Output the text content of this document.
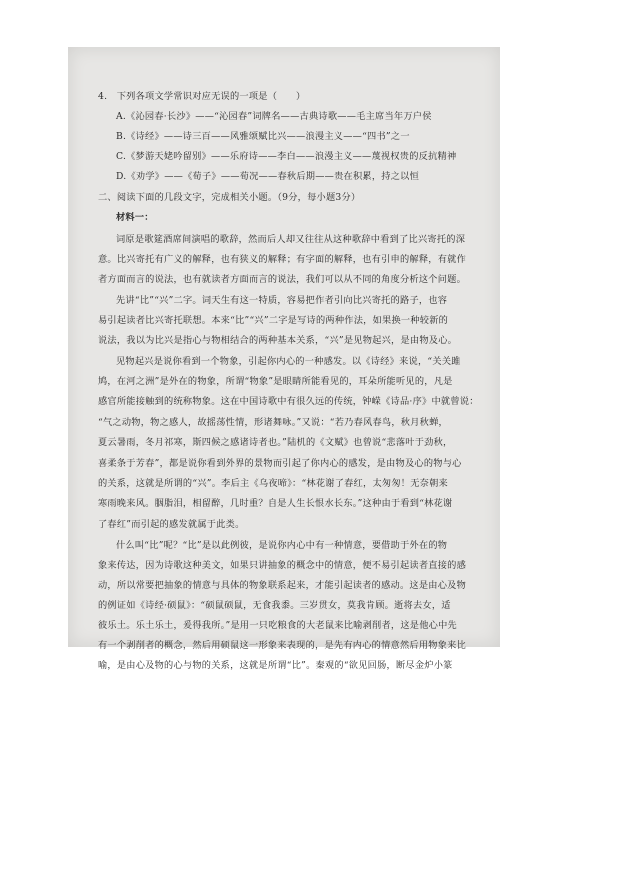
4.　下列各项文学常识对应无误的一项是（　　）
A.《沁园春·长沙》——“沁园春”词牌名——古典诗歌——毛主席当年万户侯
B.《诗经》——诗三百——风雅颂赋比兴——浪漫主义——“四书”之一
C.《梦游天姥吟留别》——乐府诗——李白——浪漫主义——蔑视权贵的反抗精神
D.《劝学》——《荀子》——荀况——春秋后期——贵在积累，持之以恒
二、阅读下面的几段文字，完成相关小题。（9分，每小题3分）
材料一：
词原是歌筵酒席间演唱的歌辞，然而后人却又往往从这种歌辞中看到了比兴寄托的深
意。比兴寄托有广义的解释，也有狭义的解释；有字面的解释，也有引申的解释，有就作
者方面而言的说法，也有就读者方面而言的说法，我们可以从不同的角度分析这个问题。
先讲“比”“兴”二字。词天生有这一特质，容易把作者引向比兴寄托的路子，也容
易引起读者比兴寄托联想。本来“比”“兴”二字是写诗的两种作法，如果换一种较新的
说法，我以为比兴是指心与物相结合的两种基本关系，“兴”是见物起兴，是由物及心。
见物起兴是说你看到一个物象，引起你内心的一种感发。以《诗经》来说，“关关雎
鸠，在河之洲”是外在的物象，所谓“物象”是眼睛所能看见的，耳朵所能听见的，凡是
感官所能接触到的统称物象。这在中国诗歌中有很久远的传统，钟嵘《诗品·序》中就曾说：
“气之动物，物之感人，故摇荡性情，形诸舞咏。”又说：“若乃春风春鸟，秋月秋蝉，
夏云暑雨，冬月祁寒，斯四候之感诸诗者也。”陆机的《文赋》也曾说“悲落叶于劲秋，
喜柔条于芳春”，都是说你看到外界的景物而引起了你内心的感发，是由物及心的物与心
的关系，这就是所谓的“兴”。李后主《乌夜啼》：“林花谢了春红，太匆匆！无奈朝来
寒雨晚来风。胭脂泪，相留醉，几时重？自是人生长恨水长东。”这种由于看到“林花谢
了春红”而引起的感发就属于此类。
什么叫“比”呢？“比”是以此例彼，是说你内心中有一种情意，要借助于外在的物
象来传达，因为诗歌这种美文，如果只讲抽象的概念中的情意，便不易引起读者直接的感
动，所以常要把抽象的情意与具体的物象联系起来，才能引起读者的感动。这是由心及物
的例证如《诗经·硕鼠》：“硕鼠硕鼠，无食我黍。三岁贯女，莫我肯顾。逝将去女，适
彼乐土。乐土乐土，爰得我所。”是用一只吃粮食的大老鼠来比喻剥削者，这是他心中先
有一个剥削者的概念，然后用硕鼠这一形象来表现的，是先有内心的情意然后用物象来比
喻，是由心及物的心与物的关系，这就是所谓“比”。秦观的“欲见回肠，断尽金炉小篆
